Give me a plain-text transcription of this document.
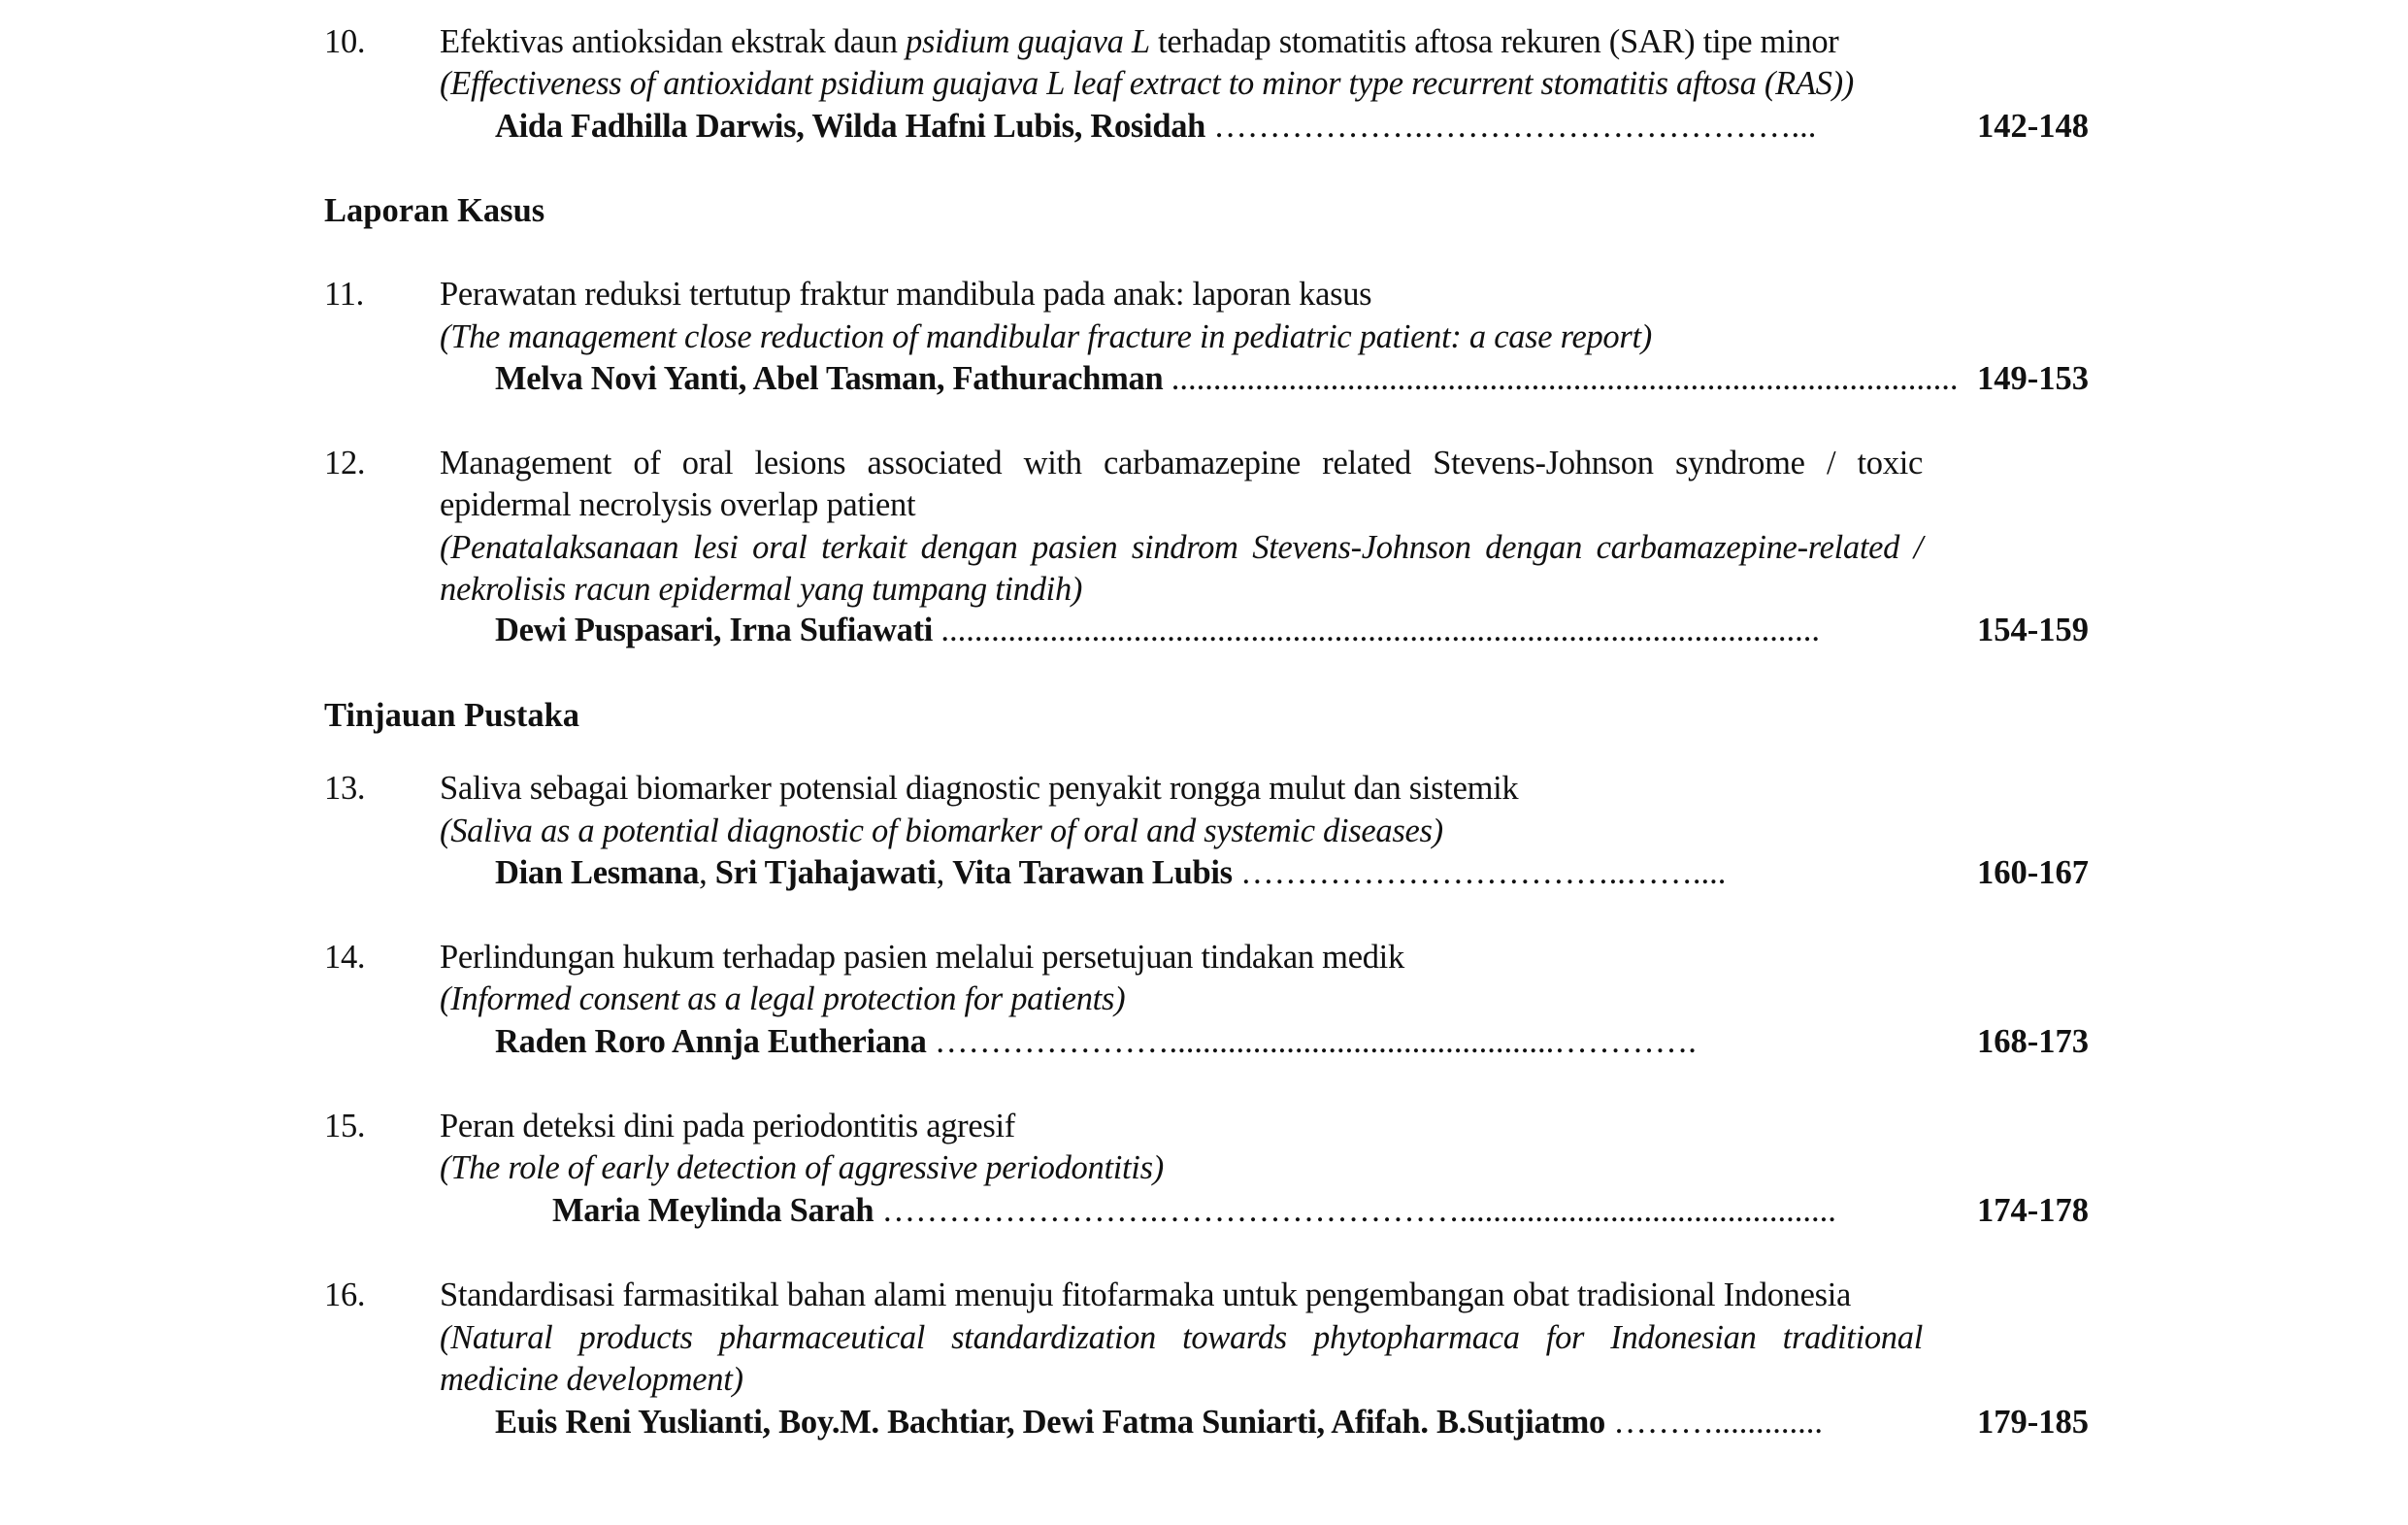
10. Efektivas antioksidan ekstrak daun psidium guajava L terhadap stomatitis aftosa rekuren (SAR) tipe minor
(Effectiveness of antioxidant psidium guajava L leaf extract to minor type recurrent stomatitis aftosa (RAS))
Aida Fadhilla Darwis, Wilda Hafni Lubis, Rosidah ……………….……………………………...	142-148
Laporan Kasus
11. Perawatan reduksi tertutup fraktur mandibula pada anak: laporan kasus
(The management close reduction of mandibular fracture in pediatric patient: a case report)
Melva Novi Yanti, Abel Tasman, Fathurachman .............................................................................................. 149-153
12. Management of oral lesions associated with carbamazepine related Stevens-Johnson syndrome / toxic
epidermal necrolysis overlap patient
(Penatalaksanaan lesi oral terkait dengan pasien sindrom Stevens-Johnson dengan carbamazepine-related /
nekrolisis racun epidermal yang tumpang tindih)
Dewi Puspasari, Irna Sufiawati .........................................................................................................	154-159
Tinjauan Pustaka
13. Saliva sebagai biomarker potensial diagnostic penyakit rongga mulut dan sistemik
(Saliva as a potential diagnostic of biomarker of oral and systemic diseases)
Dian Lesmana, Sri Tjahajawati, Vita Tarawan Lubis ……………………………..……....	160-167
14. Perlindungan hukum terhadap pasien melalui persetujuan tindakan medik
(Informed consent as a legal protection for patients)
Raden Roro Annja Eutheriana …………………..............................................………….	168-173
15. Peran deteksi dini pada periodontitis agresif
(The role of early detection of aggressive periodontitis)
Maria Meylinda Sarah …………………….……………………….............................................	174-178
16. Standardisasi farmasitikal bahan alami menuju fitofarmaka untuk pengembangan obat tradisional Indonesia
(Natural products pharmaceutical standardization towards phytopharmaca for Indonesian traditional
medicine development)
Euis Reni Yuslianti, Boy.M. Bachtiar, Dewi Fatma Suniarti, Afifah. B.Sutjiatmo ……….............	179-185
